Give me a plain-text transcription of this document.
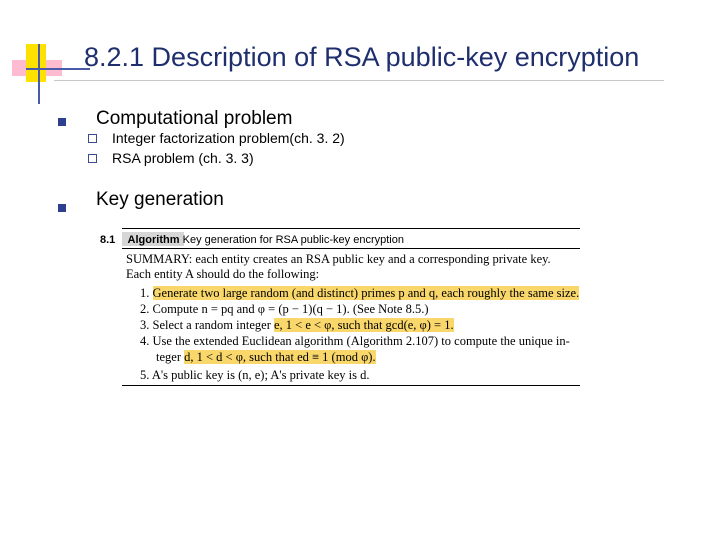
8.2.1 Description of RSA public-key encryption
Computational problem
Integer factorization problem(ch. 3. 2)
RSA problem (ch. 3. 3)
Key generation
8.1 Algorithm Key generation for RSA public-key encryption
SUMMARY: each entity creates an RSA public key and a corresponding private key.
Each entity A should do the following:
1. Generate two large random (and distinct) primes p and q, each roughly the same size.
2. Compute n = pq and φ = (p − 1)(q − 1). (See Note 8.5.)
3. Select a random integer e, 1 < e < φ, such that gcd(e, φ) = 1.
4. Use the extended Euclidean algorithm (Algorithm 2.107) to compute the unique in-
teger d, 1 < d < φ, such that ed ≡ 1 (mod φ).
5. A's public key is (n, e); A's private key is d.
